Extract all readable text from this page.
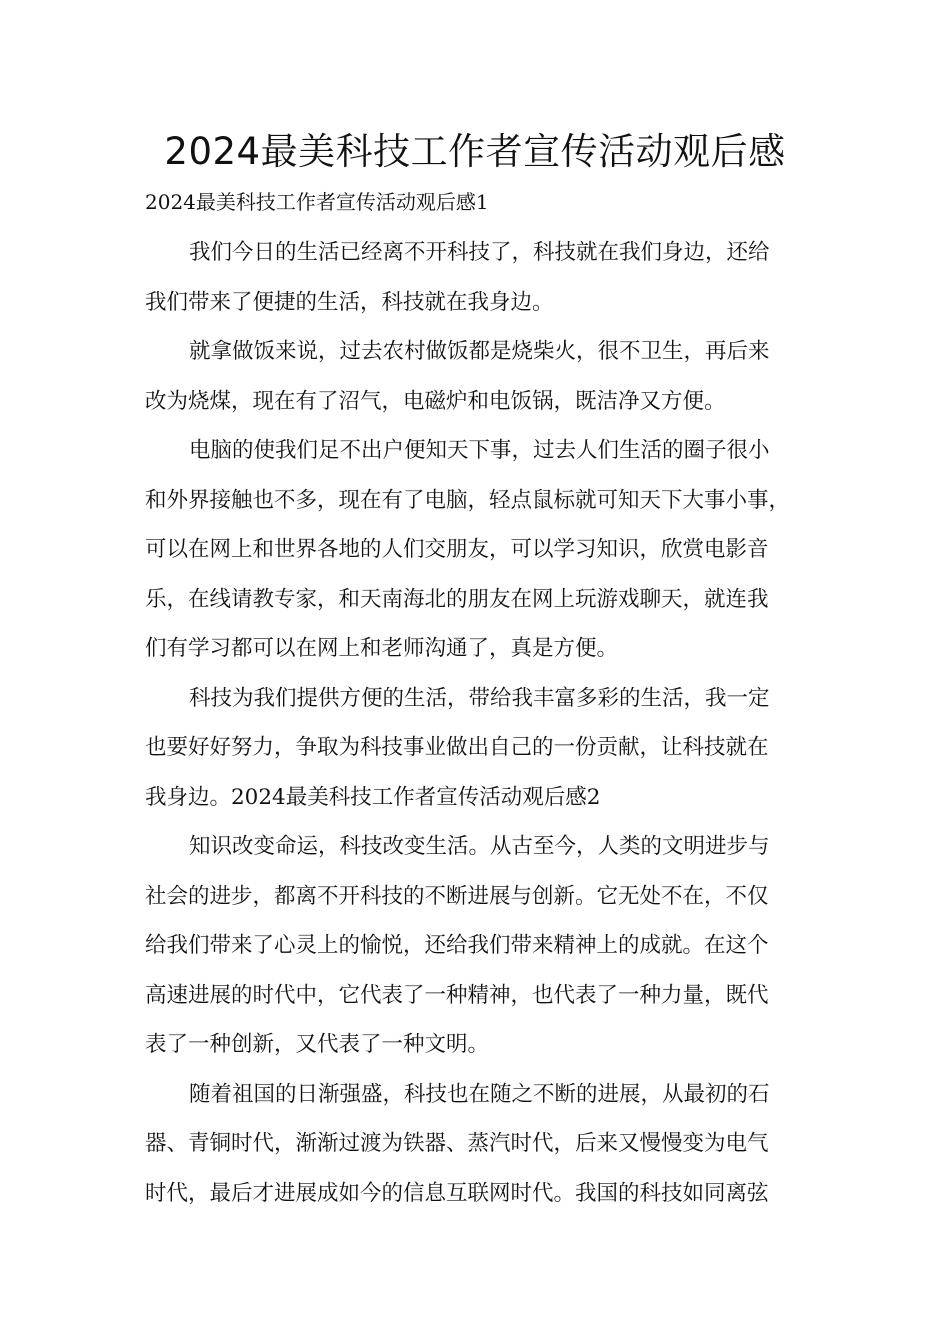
2024最美科技工作者宣传活动观后感
2024最美科技工作者宣传活动观后感1

我们今日的生活已经离不开科技了，科技就在我们身边，还给
我们带来了便捷的生活，科技就在我身边。

就拿做饭来说，过去农村做饭都是烧柴火，很不卫生，再后来
改为烧煤，现在有了沼气，电磁炉和电饭锅，既洁净又方便。

电脑的使我们足不出户便知天下事，过去人们生活的圈子很小
和外界接触也不多，现在有了电脑，轻点鼠标就可知天下大事小事，
可以在网上和世界各地的人们交朋友，可以学习知识，欣赏电影音
乐，在线请教专家，和天南海北的朋友在网上玩游戏聊天，就连我
们有学习都可以在网上和老师沟通了，真是方便。

科技为我们提供方便的生活，带给我丰富多彩的生活，我一定
也要好好努力，争取为科技事业做出自己的一份贡献，让科技就在
我身边。2024最美科技工作者宣传活动观后感2

知识改变命运，科技改变生活。从古至今，人类的文明进步与
社会的进步，都离不开科技的不断进展与创新。它无处不在，不仅
给我们带来了心灵上的愉悦，还给我们带来精神上的成就。在这个
高速进展的时代中，它代表了一种精神，也代表了一种力量，既代
表了一种创新，又代表了一种文明。

随着祖国的日渐强盛，科技也在随之不断的进展，从最初的石
器、青铜时代，渐渐过渡为铁器、蒸汽时代，后来又慢慢变为电气
时代，最后才进展成如今的信息互联网时代。我国的科技如同离弦
